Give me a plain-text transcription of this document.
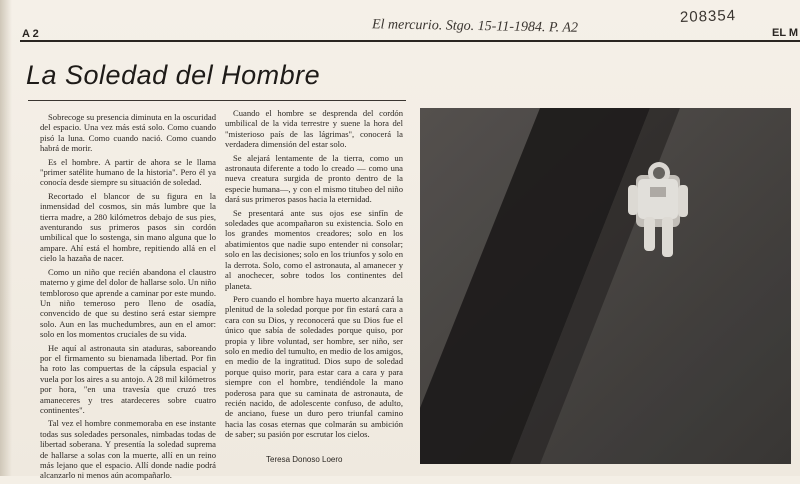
208354
El mercurio. Stgo. 15-11-1984. P. A2
A 2	EL M
La Soledad del Hombre

Sobrecoge su presencia diminuta en la oscuridad del espacio. Una vez más está solo. Como cuando pisó la luna. Como cuando nació. Como cuando habrá de morir.

Es el hombre. A partir de ahora se le llama "primer satélite humano de la historia". Pero él ya conocía desde siempre su situación de soledad.

Recortado el blancor de su figura en la inmensidad del cosmos, sin más lumbre que la tierra madre, a 280 kilómetros debajo de sus pies, aventurando sus primeros pasos sin cordón umbilical que lo sostenga, sin mano alguna que lo ampare. Ahí está el hombre, repitiendo allá en el cielo la hazaña de nacer.

Como un niño que recién abandona el claustro materno y gime del dolor de hallarse solo. Un niño tembloroso que aprende a caminar por este mundo. Un niño temeroso pero lleno de osadía, convencido de que su destino será estar siempre solo. Aun en las muchedumbres, aun en el amor: solo en los momentos cruciales de su vida.

He aquí al astronauta sin ataduras, saboreando por el firmamento su bienamada libertad. Por fin ha roto las compuertas de la cápsula espacial y vuela por los aires a su antojo. A 28 mil kilómetros por hora, "en una travesía que cruzó tres amaneceres y tres atardeceres sobre cuatro continentes".

Tal vez el hombre conmemoraba en ese instante todas sus soledades personales, nimbadas todas de libertad soberana. Y presentía la soledad suprema de hallarse a solas con la muerte, allí en un reino más lejano que el espacio. Allí donde nadie podrá alcanzarlo ni menos aún acompañarlo.

Cuando el hombre se desprenda del cordón umbilical de la vida terrestre y suene la hora del "misterioso país de las lágrimas", conocerá la verdadera dimensión del estar solo.

Se alejará lentamente de la tierra, como un astronauta diferente a todo lo creado — como una nueva creatura surgida de pronto dentro de la especie humana—, y con el mismo titubeo del niño dará sus primeros pasos hacia la eternidad.

Se presentará ante sus ojos ese sinfín de soledades que acompañaron su existencia. Solo en los grandes momentos creadores; solo en los abatimientos que nadie supo entender ni consolar; solo en las decisiones; solo en los triunfos y solo en la derrota. Solo, como el astronauta, al amanecer y al anochecer, sobre todos los continentes del planeta.

Pero cuando el hombre haya muerto alcanzará la plenitud de la soledad porque por fin estará cara a cara con su Dios, y reconocerá que su Dios fue el único que sabía de soledades porque quiso, por propia y libre voluntad, ser hombre, ser niño, ser solo en medio del tumulto, en medio de los amigos, en medio de la ingratitud. Dios supo de soledad porque quiso morir, para estar cara a cara y para siempre con el hombre, tendiéndole la mano poderosa para que su caminata de astronauta, de recién nacido, de adolescente confuso, de adulto, de anciano, fuese un duro pero triunfal camino hacia las cosas eternas que colmarán su ambición de saber; su pasión por escrutar los cielos.

Teresa Donoso Loero
